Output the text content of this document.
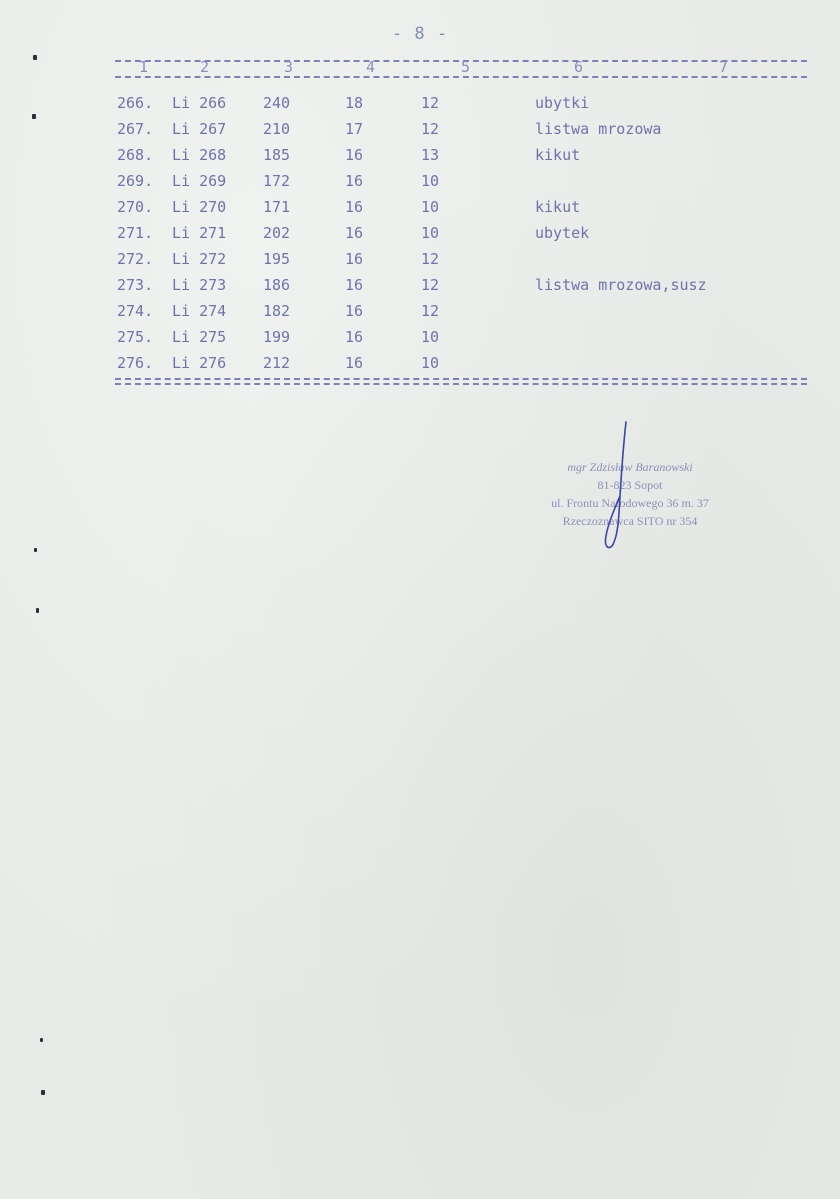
- 8 -
1	2	3	4	5	6	7
266. Li 266 240	18	12	ubytki
267. Li 267 210	17	12	listwa mrozowa
268. Li 268 185	16	13	kikut
269. Li 269 172	16	10
270. Li 270 171	16	10	kikut
271. Li 271 202	16	10	ubytek
272. Li 272 195	16	12
273. Li 273 186	16	12	listwa mrozowa,susz
274. Li 274 182	16	12
275. Li 275 199	16	10
276. Li 276 212	16	10
mgr Zdzisław Baranowski
81-823 Sopot
ul. Frontu Narodowego 36 m. 37
Rzeczoznawca SITO nr 354
